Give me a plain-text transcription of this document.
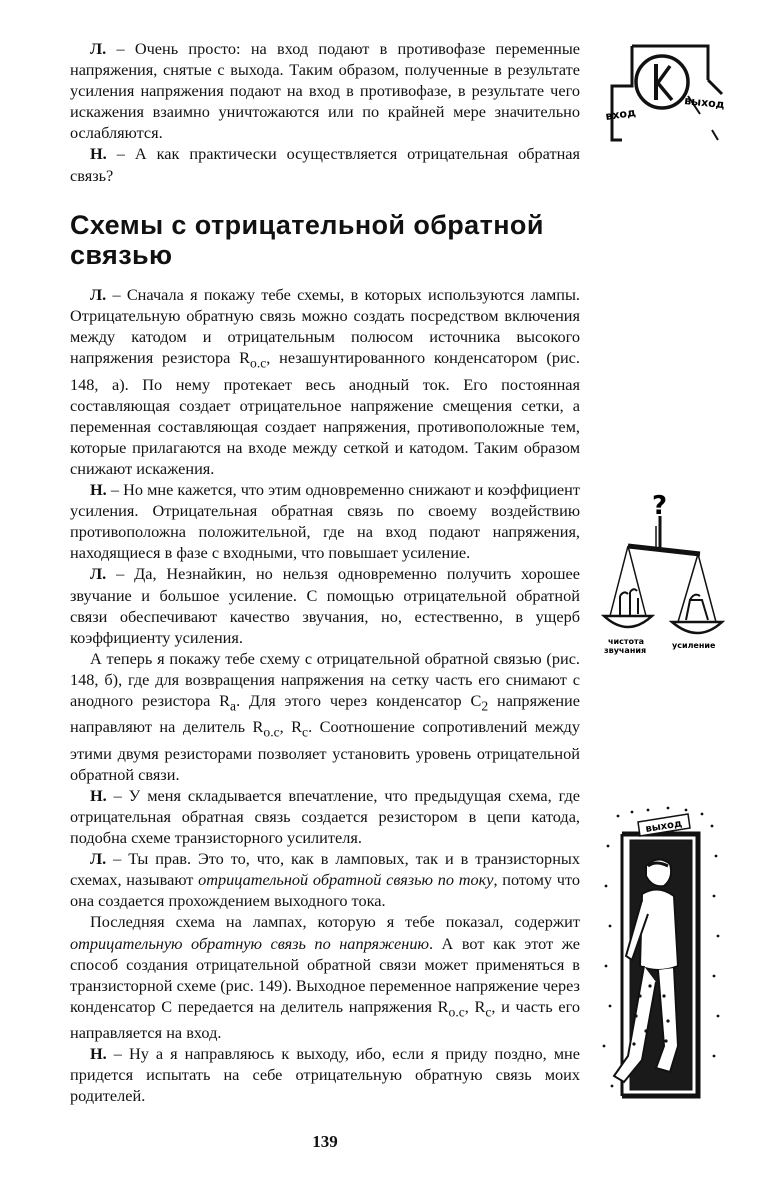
Л. – Очень просто: на вход подают в противофазе переменные напряжения, снятые с выхода. Таким образом, полученные в результате усиления напряжения подают на вход в противофазе, в результате чего искажения взаимно уничтожаются или по крайней мере значительно ослабляются.

Н. – А как практически осуществляется отрицательная обратная связь?

Схемы с отрицательной обратной связью

Л. – Сначала я покажу тебе схемы, в которых используются лампы. Отрицательную обратную связь можно создать посредством включения между катодом и отрицательным полюсом источника высокого напряжения резистора $R_{о.с}$, незашунтированного конденсатором (рис. 148, а). По нему протекает весь анодный ток. Его постоянная составляющая создает отрицательное напряжение смещения сетки, а переменная составляющая создает напряжения, противоположные тем, которые прилагаются на входе между сеткой и катодом. Таким образом снижают искажения.

Н. – Но мне кажется, что этим одновременно снижают и коэффициент усиления. Отрицательная обратная связь по своему воздействию противоположна положительной, где на вход подают напряжения, находящиеся в фазе с входными, что повышает усиление.

Л. – Да, Незнайкин, но нельзя одновременно получить хорошее звучание и большое усиление. С помощью отрицательной обратной связи обеспечивают качество звучания, но, естественно, в ущерб коэффициенту усиления.

А теперь я покажу тебе схему с отрицательной обратной связью (рис. 148, б), где для возвращения напряжения на сетку часть его снимают с анодного резистора $R_а$. Для этого через конденсатор $C_2$ напряжение направляют на делитель $R_{о.с}$, $R_с$. Соотношение сопротивлений между этими двумя резисторами позволяет установить уровень отрицательной обратной связи.

Н. – У меня складывается впечатление, что предыдущая схема, где отрицательная обратная связь создается резистором в цепи катода, подобна схеме транзисторного усилителя.

Л. – Ты прав. Это то, что, как в ламповых, так и в транзисторных схемах, называют отрицательной обратной связью по току, потому что она создается прохождением выходного тока.

Последняя схема на лампах, которую я тебе показал, содержит отрицательную обратную связь по напряжению. А вот как этот же способ создания отрицательной обратной связи может применяться в транзисторной схеме (рис. 149). Выходное переменное напряжение через конденсатор C передается на делитель напряжения $R_{о.с}$, $R_с$, и часть его направляется на вход.

Н. – Ну а я направляюсь к выходу, ибо, если я приду поздно, мне придется испытать на себе отрицательную обратную связь моих родителей.

139
вход
выход
?
чистота
звучания
усиление
выход
